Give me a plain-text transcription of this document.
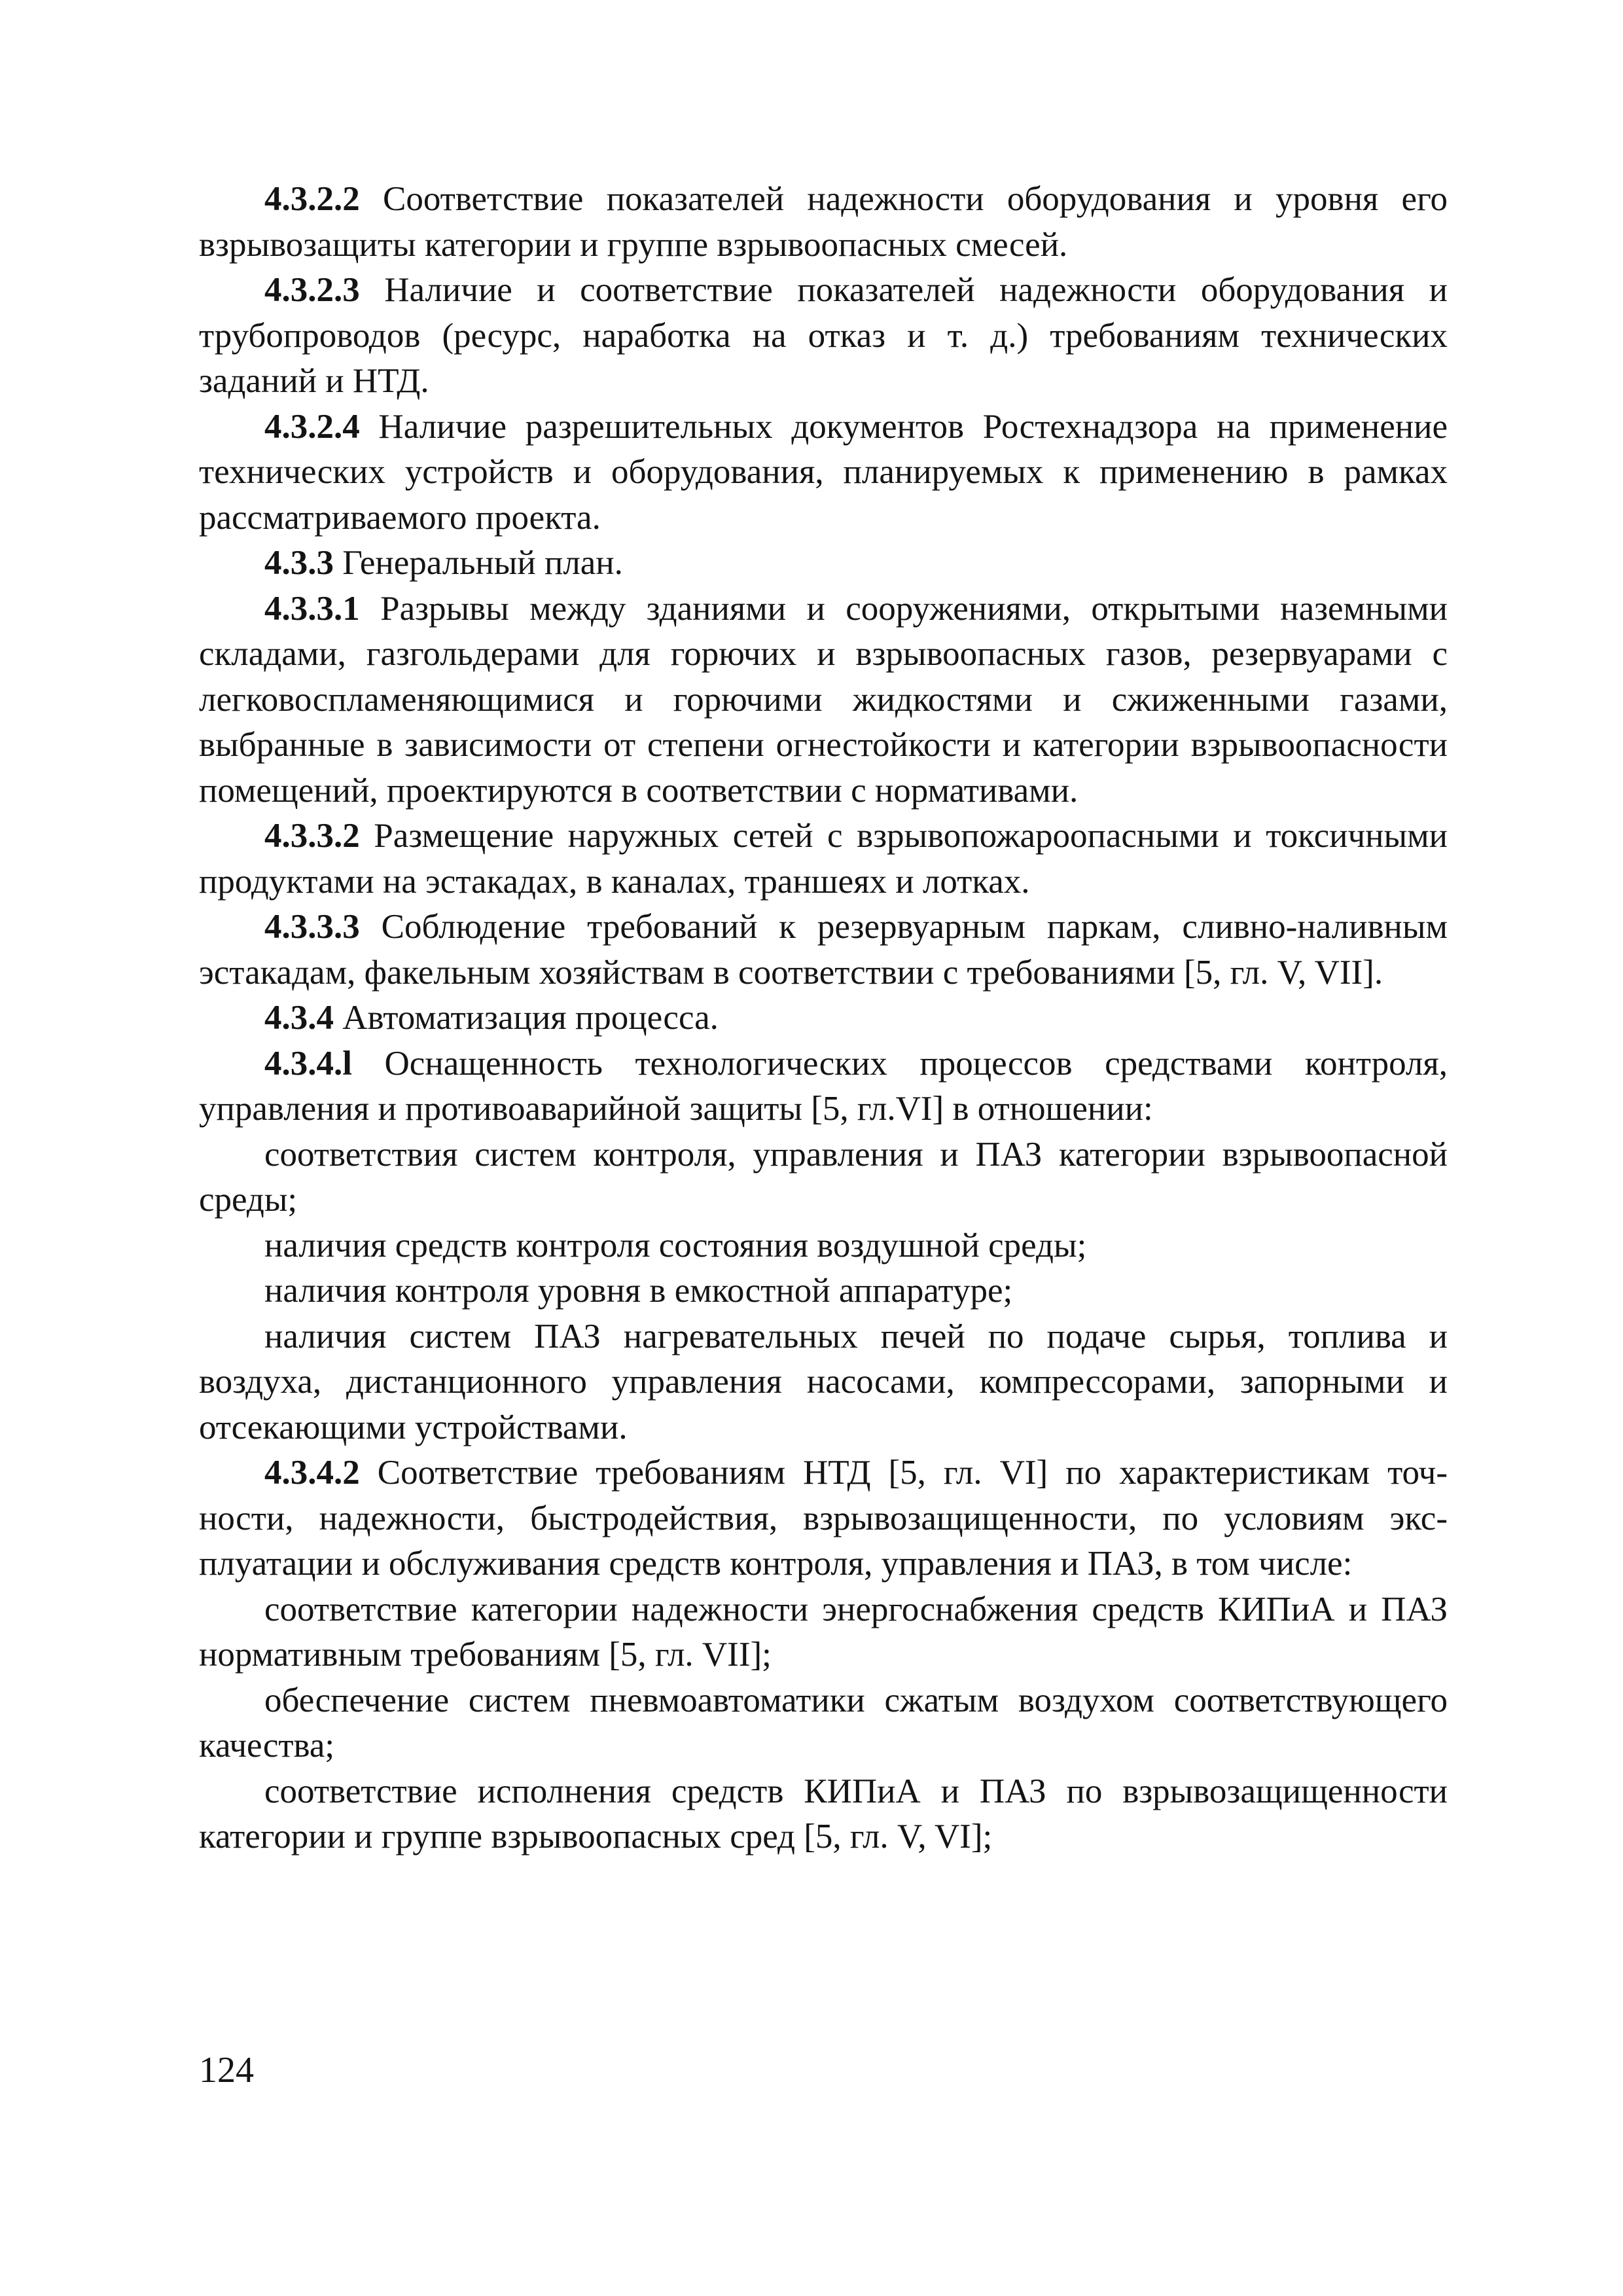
4.3.2.2 Соответствие показателей надежности оборудования и уровня его взрывозащиты категории и группе взрывоопасных смесей.

4.3.2.3 Наличие и соответствие показателей надежности оборудования и трубопроводов (ресурс, наработка на отказ и т. д.) требованиям технических заданий и НТД.

4.3.2.4 Наличие разрешительных документов Ростехнадзора на применение технических устройств и оборудования, планируемых к применению в рамках рассматриваемого проекта.

4.3.3 Генеральный план.

4.3.3.1 Разрывы между зданиями и сооружениями, открытыми наземными складами, газгольдерами для горючих и взрывоопасных газов, резервуарами с легковоспламеняющимися и горючими жидкостями и сжиженными газами, выбранные в зависимости от степени огнестойкости и категории взрывоопасности помещений, проектируются в соответствии с нормативами.

4.3.3.2 Размещение наружных сетей с взрывопожароопасными и токсичными продуктами на эстакадах, в каналах, траншеях и лотках.

4.3.3.3 Соблюдение требований к резервуарным паркам, сливно-наливным эстакадам, факельным хозяйствам в соответствии с требованиями [5, гл. V, VII].

4.3.4 Автоматизация процесса.

4.3.4.l Оснащенность технологических процессов средствами контроля, управления и противоаварийной защиты [5, гл.VI] в отношении:

соответствия систем контроля, управления и ПАЗ категории взрывоопасной среды;

наличия средств контроля состояния воздушной среды;

наличия контроля уровня в емкостной аппаратуре;

наличия систем ПАЗ нагревательных печей по подаче сырья, топлива и воздуха, дистанционного управления насосами, компрессорами, запорными и отсекающими устройствами.

4.3.4.2 Соответствие требованиям НТД [5, гл. VI] по характеристикам точности, надежности, быстродействия, взрывозащищенности, по условиям эксплуатации и обслуживания средств контроля, управления и ПАЗ, в том числе:

соответствие категории надежности энергоснабжения средств КИПиА и ПАЗ нормативным требованиям [5, гл. VII];

обеспечение систем пневмоавтоматики сжатым воздухом соответствующего качества;

соответствие исполнения средств КИПиА и ПАЗ по взрывозащищенности категории и группе взрывоопасных сред [5, гл. V, VI];

124
